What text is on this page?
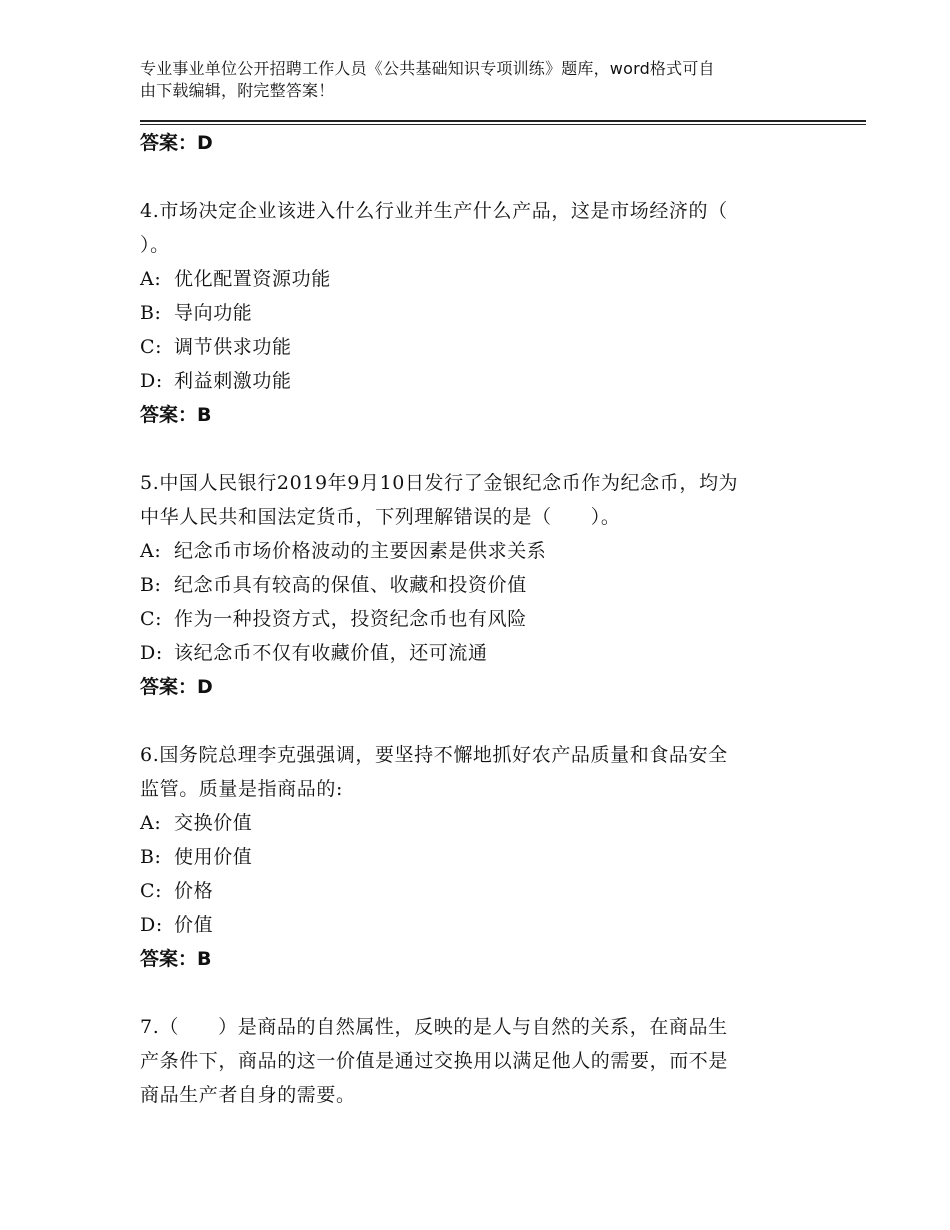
专业事业单位公开招聘工作人员《公共基础知识专项训练》题库，word格式可自
由下载编辑，附完整答案！
答案：D
4.市场决定企业该进入什么行业并生产什么产品，这是市场经济的（
）。
A: 优化配置资源功能
B: 导向功能
C: 调节供求功能
D: 利益刺激功能
答案：B
5.中国人民银行2019年9月10日发行了金银纪念币作为纪念币，均为
中华人民共和国法定货币，下列理解错误的是（　　）。
A: 纪念币市场价格波动的主要因素是供求关系
B: 纪念币具有较高的保值、收藏和投资价值
C: 作为一种投资方式，投资纪念币也有风险
D: 该纪念币不仅有收藏价值，还可流通
答案：D
6.国务院总理李克强强调，要坚持不懈地抓好农产品质量和食品安全
监管。质量是指商品的:
A: 交换价值
B: 使用价值
C: 价格
D: 价值
答案：B
7.（　　）是商品的自然属性，反映的是人与自然的关系，在商品生
产条件下，商品的这一价值是通过交换用以满足他人的需要，而不是
商品生产者自身的需要。
